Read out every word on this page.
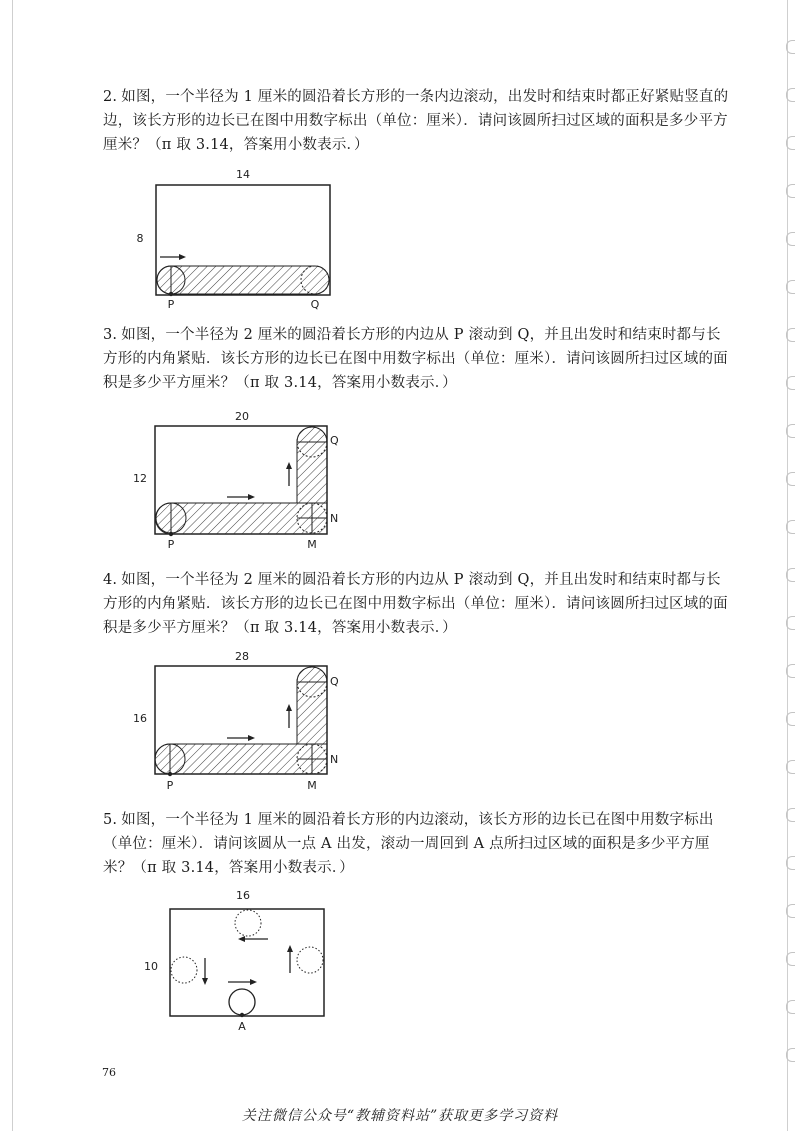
2. 如图，一个半径为 1 厘米的圆沿着长方形的一条内边滚动，出发时和结束时都正好紧贴竖直的边，该长方形的边长已在图中用数字标出（单位：厘米）．请问该圆所扫过区域的面积是多少平方厘米？（π 取 3.14，答案用小数表示．）
14
8
P	Q
3. 如图，一个半径为 2 厘米的圆沿着长方形的内边从 P 滚动到 Q，并且出发时和结束时都与长方形的内角紧贴．该长方形的边长已在图中用数字标出（单位：厘米）．请问该圆所扫过区域的面积是多少平方厘米？（π 取 3.14，答案用小数表示．）
20
12
P	M
N
Q
4. 如图，一个半径为 2 厘米的圆沿着长方形的内边从 P 滚动到 Q，并且出发时和结束时都与长方形的内角紧贴．该长方形的边长已在图中用数字标出（单位：厘米）．请问该圆所扫过区域的面积是多少平方厘米？（π 取 3.14，答案用小数表示．）
28
16
P	M
N
Q
5. 如图，一个半径为 1 厘米的圆沿着长方形的内边滚动，该长方形的边长已在图中用数字标出（单位：厘米）．请问该圆从一点 A 出发，滚动一周回到 A 点所扫过区域的面积是多少平方厘米？（π 取 3.14，答案用小数表示．）
16
10
A
76
关注微信公众号“教辅资料站”获取更多学习资料
